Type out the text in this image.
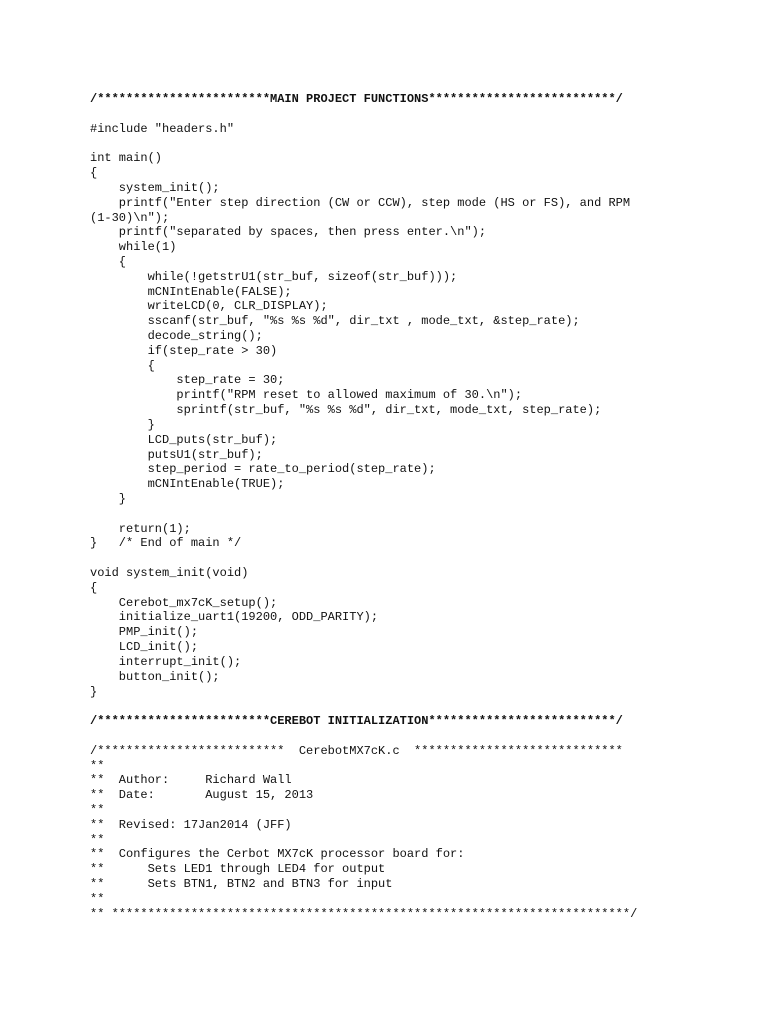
/************************MAIN PROJECT FUNCTIONS**************************/
#include "headers.h"
int main()
{
system_init();
printf("Enter step direction (CW or CCW), step mode (HS or FS), and RPM
(1-30)\n");
printf("separated by spaces, then press enter.\n");
while(1)
{
while(!getstrU1(str_buf, sizeof(str_buf)));
mCNIntEnable(FALSE);
writeLCD(0, CLR_DISPLAY);
sscanf(str_buf, "%s %s %d", dir_txt , mode_txt, &step_rate);
decode_string();
if(step_rate > 30)
{
step_rate = 30;
printf("RPM reset to allowed maximum of 30.\n");
sprintf(str_buf, "%s %s %d", dir_txt, mode_txt, step_rate);
}
LCD_puts(str_buf);
putsU1(str_buf);
step_period = rate_to_period(step_rate);
mCNIntEnable(TRUE);
}
return(1);
}   /* End of main */
void system_init(void)
{
Cerebot_mx7cK_setup();
initialize_uart1(19200, ODD_PARITY);
PMP_init();
LCD_init();
interrupt_init();
button_init();
}
/************************CEREBOT INITIALIZATION**************************/
/**************************  CerebotMX7cK.c  *****************************
**
**  Author:     Richard Wall
**  Date:       August 15, 2013
**
**  Revised: 17Jan2014 (JFF)
**
**  Configures the Cerbot MX7cK processor board for:
**      Sets LED1 through LED4 for output
**      Sets BTN1, BTN2 and BTN3 for input
**
** ************************************************************************/
